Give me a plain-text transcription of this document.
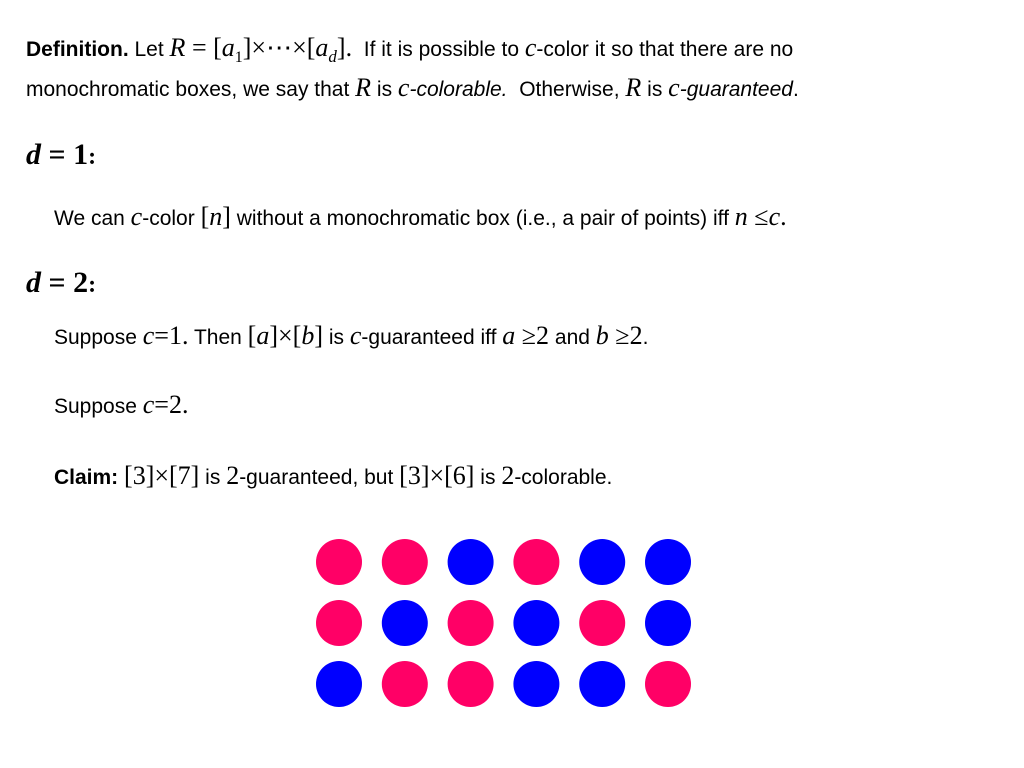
Definition. Let $R = [a_1]\times\cdots\times[a_d]$. If it is possible to c-color it so that there are no
monochromatic boxes, we say that R is c-colorable. Otherwise, R is c-guaranteed.
d = 1:
We can c-color [n] without a monochromatic box (i.e., a pair of points) iff n ≤c.
d = 2:
Suppose c=1. Then [a]×[b] is c-guaranteed iff a ≥2 and b ≥2.
Suppose c=2.
Claim: [3]×[7] is 2-guaranteed, but [3]×[6] is 2-colorable.
